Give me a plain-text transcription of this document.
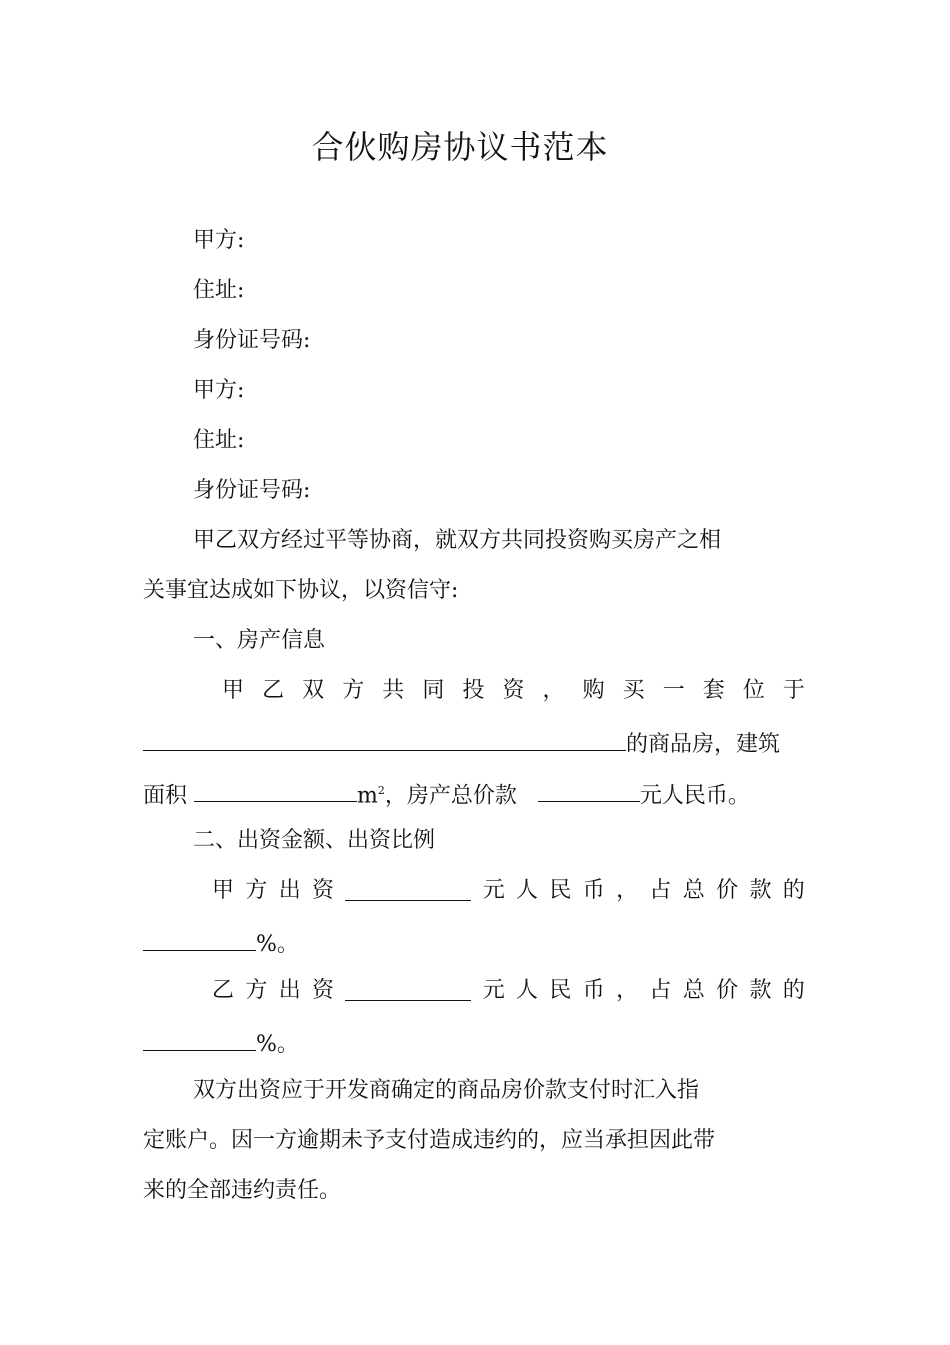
合伙购房协议书范本
甲方:
住址:
身份证号码:
甲方:
住址:
身份证号码:
甲乙双方经过平等协商，就双方共同投资购买房产之相
关事宜达成如下协议，以资信守:
一、房产信息
甲 乙 双 方 共 同 投 资 ， 购 买 一 套 位 于
的商品房，建筑
面积	$m^2$，房产总价款	元人民币。
二、出资金额、出资比例
甲 方 出 资	元 人 民 币 ， 占 总 价 款 的
%。
乙 方 出 资	元 人 民 币 ， 占 总 价 款 的
%。
双方出资应于开发商确定的商品房价款支付时汇入指
定账户。因一方逾期未予支付造成违约的，应当承担因此带
来的全部违约责任。
